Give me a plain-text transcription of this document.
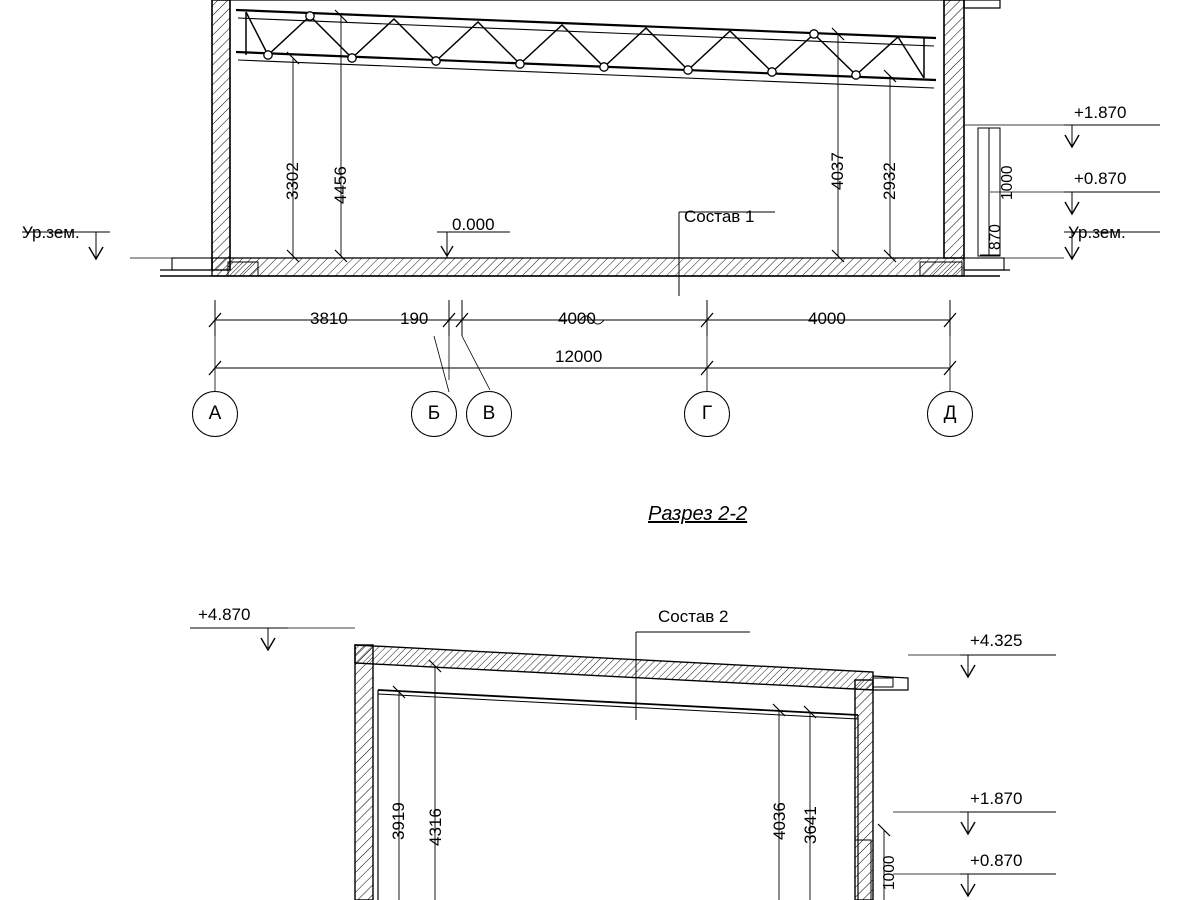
3302 4456	4037 2932
870
1000
0.000	Состав 1
Ур.зем.	Ур.зем.
+1.870
+0.870
3810	190	4000	4000
12000
А	Б В	Г	Д
Разрез 2-2
+4.870
+4.325
+1.870
+0.870
Состав 2
3919 4316	4036 3641
1000
